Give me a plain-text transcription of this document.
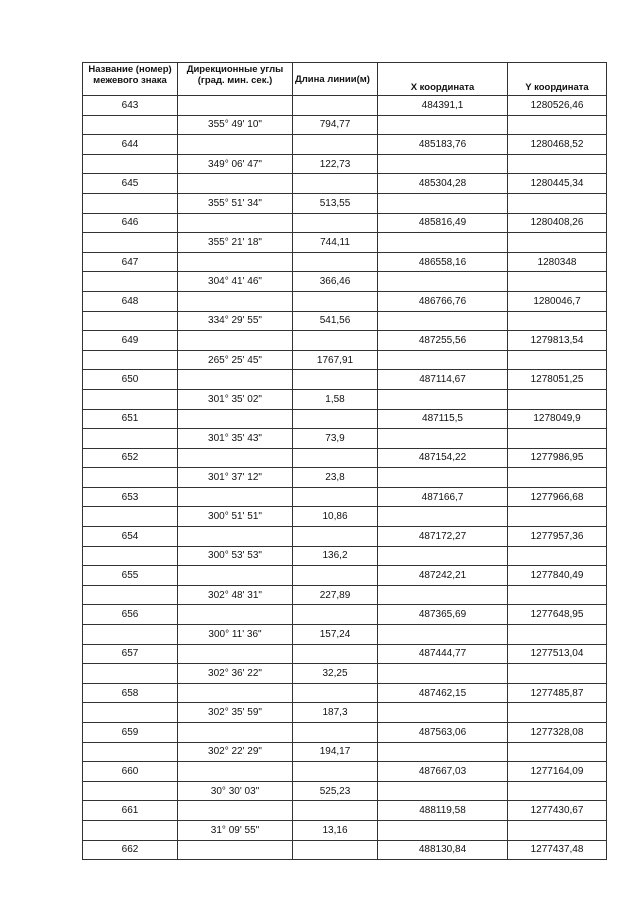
Название (номер) межевого знака	Дирекционные углы (град. мин. сек.)	Длина линии(м)	X координата	Y координата
643			484391,1	1280526,46
	355° 49' 10"	794,77		
644			485183,76	1280468,52
	349° 06' 47"	122,73		
645			485304,28	1280445,34
	355° 51' 34"	513,55		
646			485816,49	1280408,26
	355° 21' 18"	744,11		
647			486558,16	1280348
	304° 41' 46"	366,46		
648			486766,76	1280046,7
	334° 29' 55"	541,56		
649			487255,56	1279813,54
	265° 25' 45"	1767,91		
650			487114,67	1278051,25
	301° 35' 02"	1,58		
651			487115,5	1278049,9
	301° 35' 43"	73,9		
652			487154,22	1277986,95
	301° 37' 12"	23,8		
653			487166,7	1277966,68
	300° 51' 51"	10,86		
654			487172,27	1277957,36
	300° 53' 53"	136,2		
655			487242,21	1277840,49
	302° 48' 31"	227,89		
656			487365,69	1277648,95
	300° 11' 36"	157,24		
657			487444,77	1277513,04
	302° 36' 22"	32,25		
658			487462,15	1277485,87
	302° 35' 59"	187,3		
659			487563,06	1277328,08
	302° 22' 29"	194,17		
660			487667,03	1277164,09
	30° 30' 03"	525,23		
661			488119,58	1277430,67
	31° 09' 55"	13,16		
662			488130,84	1277437,48
